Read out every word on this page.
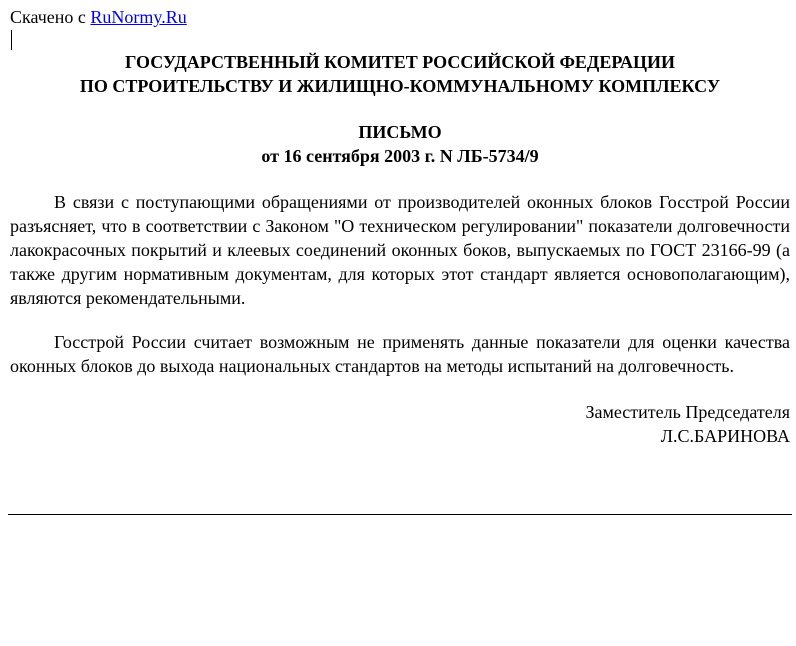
Скачено с RuNormy.Ru
ГОСУДАРСТВЕННЫЙ КОМИТЕТ РОССИЙСКОЙ ФЕДЕРАЦИИ
ПО СТРОИТЕЛЬСТВУ И ЖИЛИЩНО-КОММУНАЛЬНОМУ КОМПЛЕКСУ
ПИСЬМО
от 16 сентября 2003 г. N ЛБ-5734/9

В связи с поступающими обращениями от производителей оконных блоков Госстрой России разъясняет, что в соответствии с Законом "О техническом регулировании" показатели долговечности лакокрасочных покрытий и клеевых соединений оконных боков, выпускаемых по ГОСТ 23166-99 (а также другим нормативным документам, для которых этот стандарт является основополагающим), являются рекомендательными.

Госстрой России считает возможным не применять данные показатели для оценки качества оконных блоков до выхода национальных стандартов на методы испытаний на долговечность.

Заместитель Председателя
Л.С.БАРИНОВА
